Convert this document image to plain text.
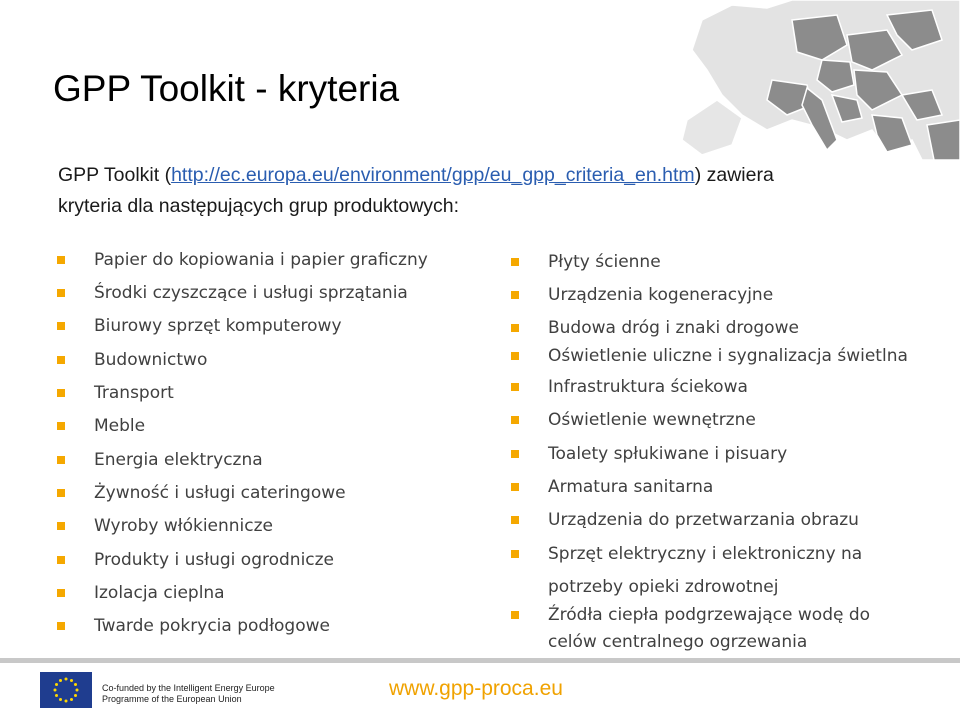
GPP Toolkit - kryteria
GPP Toolkit (http://ec.europa.eu/environment/gpp/eu_gpp_criteria_en.htm) zawiera
kryteria dla następujących grup produktowych:
Papier do kopiowania i papier graficzny
Środki czyszczące i usługi sprzątania
Biurowy sprzęt komputerowy
Budownictwo
Transport
Meble
Energia elektryczna
Żywność i usługi cateringowe
Wyroby włókiennicze
Produkty i usługi ogrodnicze
Izolacja cieplna
Twarde pokrycia podłogowe
Płyty ścienne
Urządzenia kogeneracyjne
Budowa dróg i znaki drogowe
Oświetlenie uliczne i sygnalizacja świetlna
Infrastruktura ściekowa
Oświetlenie wewnętrzne
Toalety spłukiwane i pisuary
Armatura sanitarna
Urządzenia do przetwarzania obrazu
Sprzęt elektryczny i elektroniczny na
potrzeby opieki zdrowotnej
Źródła ciepła podgrzewające wodę do
celów centralnego ogrzewania
Co-funded by the Intelligent Energy Europe
Programme of the European Union	www.gpp-proca.eu
